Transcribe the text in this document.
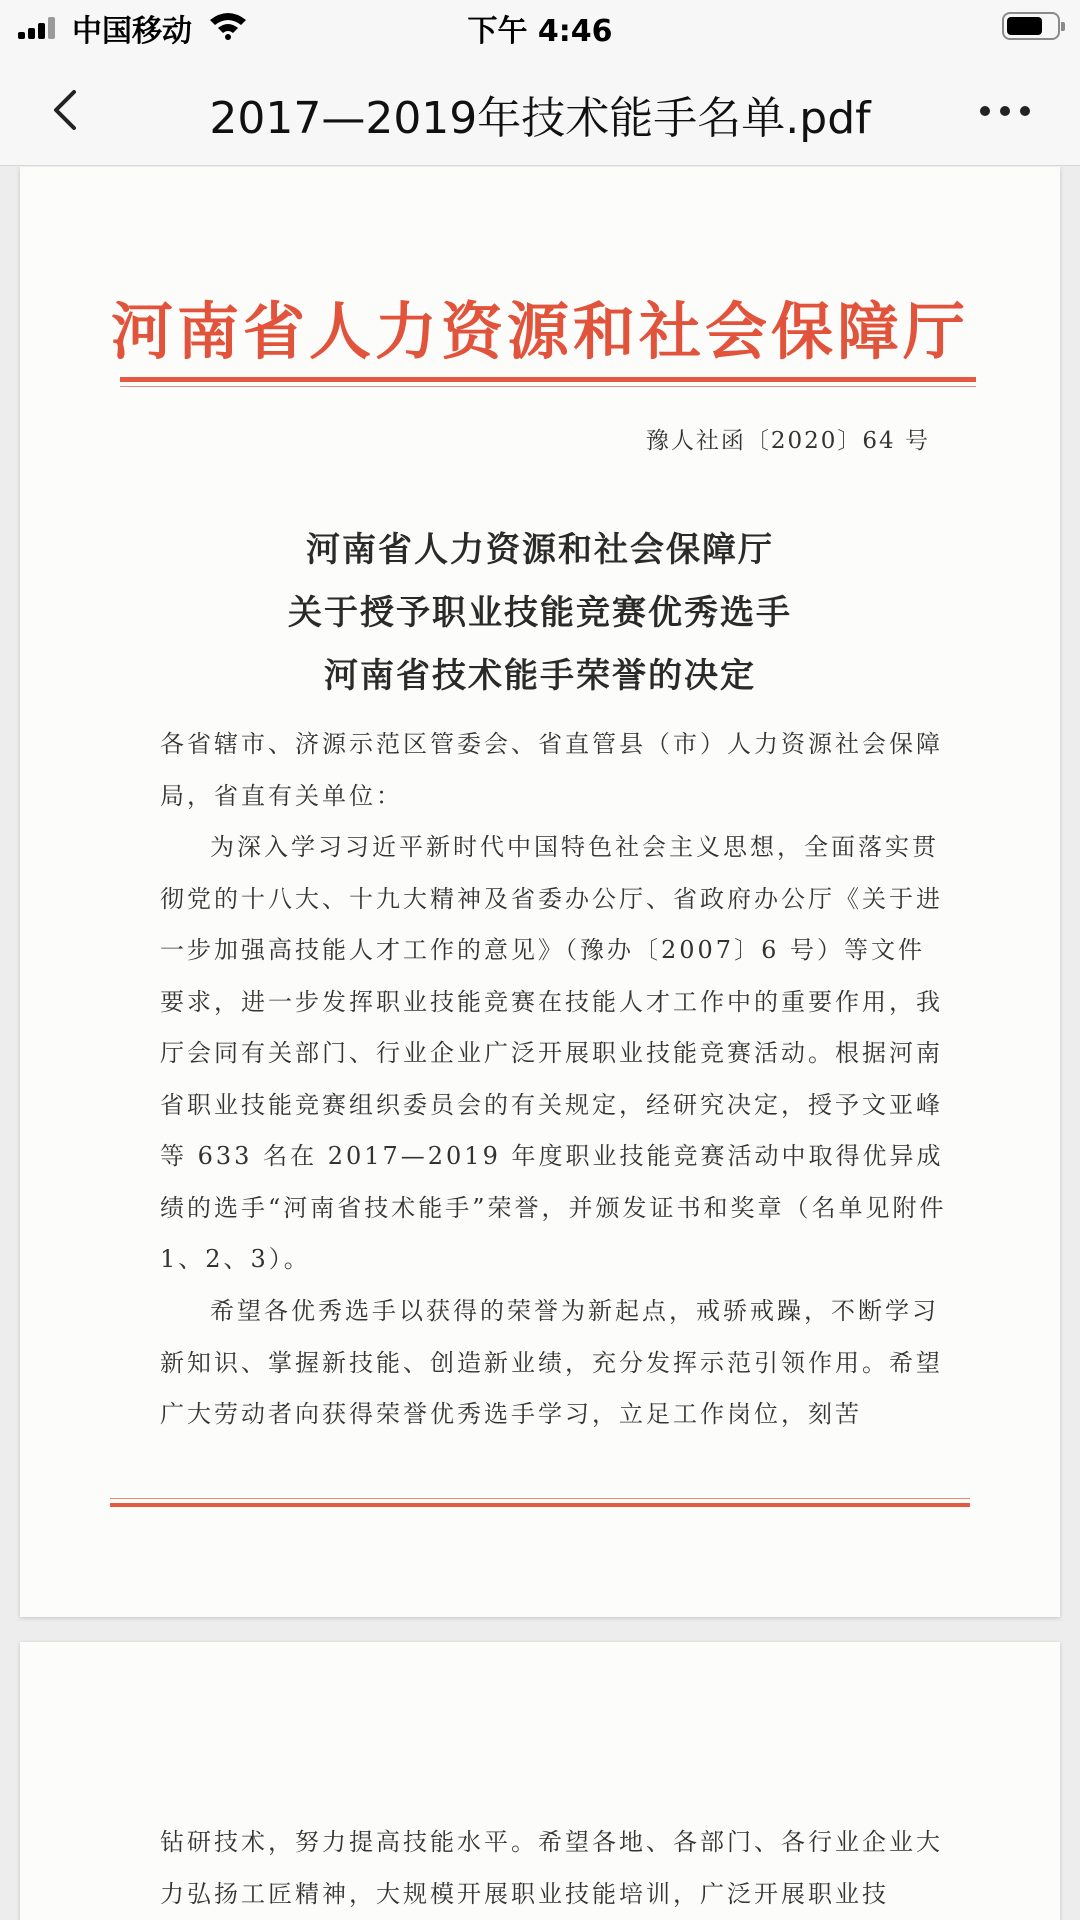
中国移动	下午 4:46
2017—2019年技术能手名单.pdf
河南省人力资源和社会保障厅
豫人社函〔2020〕64 号
河南省人力资源和社会保障厅
关于授予职业技能竞赛优秀选手
河南省技术能手荣誉的决定

各省辖市、济源示范区管委会、省直管县（市）人力资源社会保障局，省直有关单位：

为深入学习习近平新时代中国特色社会主义思想，全面落实贯彻党的十八大、十九大精神及省委办公厅、省政府办公厅《关于进一步加强高技能人才工作的意见》（豫办〔2007〕6 号）等文件要求，进一步发挥职业技能竞赛在技能人才工作中的重要作用，我厅会同有关部门、行业企业广泛开展职业技能竞赛活动。根据河南省职业技能竞赛组织委员会的有关规定，经研究决定，授予文亚峰等 633 名在 2017—2019 年度职业技能竞赛活动中取得优异成绩的选手“河南省技术能手”荣誉，并颁发证书和奖章（名单见附件 1、2、3）。

希望各优秀选手以获得的荣誉为新起点，戒骄戒躁，不断学习新知识、掌握新技能、创造新业绩，充分发挥示范引领作用。希望广大劳动者向获得荣誉优秀选手学习，立足工作岗位，刻苦

钻研技术，努力提高技能水平。希望各地、各部门、各行业企业大力弘扬工匠精神，大规模开展职业技能培训，广泛开展职业技
